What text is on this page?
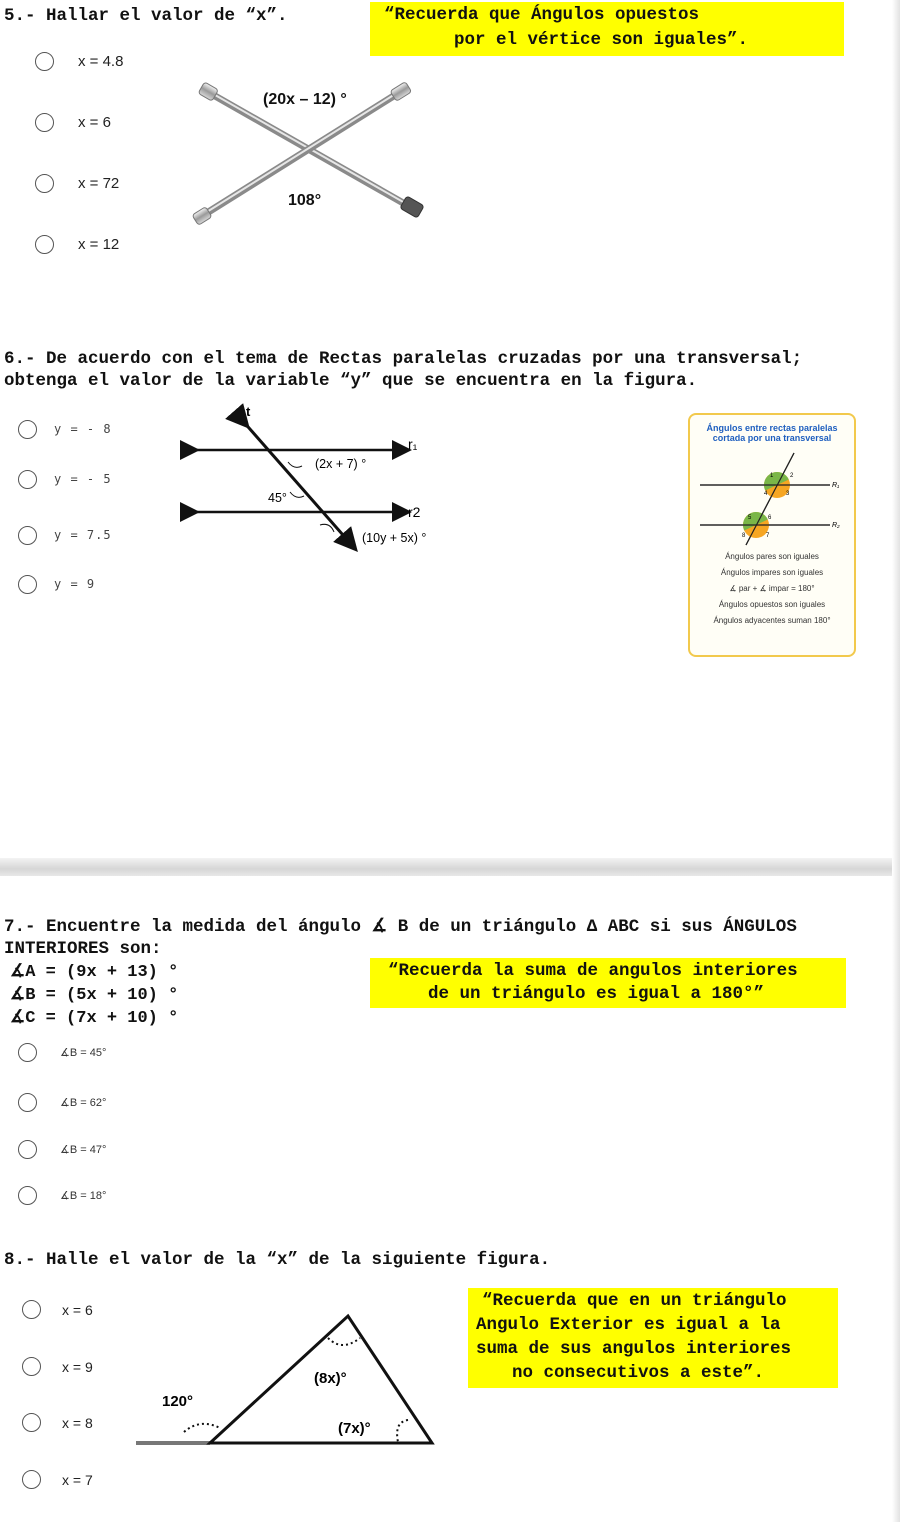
5.- Hallar el valor de “x”.	“Recuerda que Ángulos opuestos
por el vértice son iguales”.
x = 4.8
x = 6
x = 72
x = 12
(20x – 12) °
108°
6.- De acuerdo con el tema de Rectas paralelas cruzadas por una transversal;
obtenga el valor de la variable “y” que se encuentra en la figura.
y = - 8
y = - 5
y = 7.5
y = 9
t
r₁
r2
(2x + 7) °
45°
(10y + 5x) °
Ángulos entre rectas paralelas
cortada por una transversal
R₁
R₂
1	2
3
4
5	6
7
8
Ángulos pares son iguales
Ángulos impares son iguales
∡ par + ∡ impar = 180°
Ángulos opuestos son iguales
Ángulos adyacentes suman 180°
7.- Encuentre la medida del ángulo ∡ B de un triángulo Δ ABC si sus ÁNGULOS
INTERIORES son:
∡A = (9x + 13) °
∡B = (5x + 10) °
∡C = (7x + 10) °
“Recuerda la suma de angulos interiores
de un triángulo es igual a 180°”
∡B = 45°
∡B = 62°
∡B = 47°
∡B = 18°
8.- Halle el valor de la “x” de la siguiente figura.
x = 6
x = 9
x = 8
x = 7
120°
(8x)°
(7x)°
“Recuerda que en un triángulo
Angulo Exterior es igual a la
suma de sus angulos interiores
no consecutivos a este”.
